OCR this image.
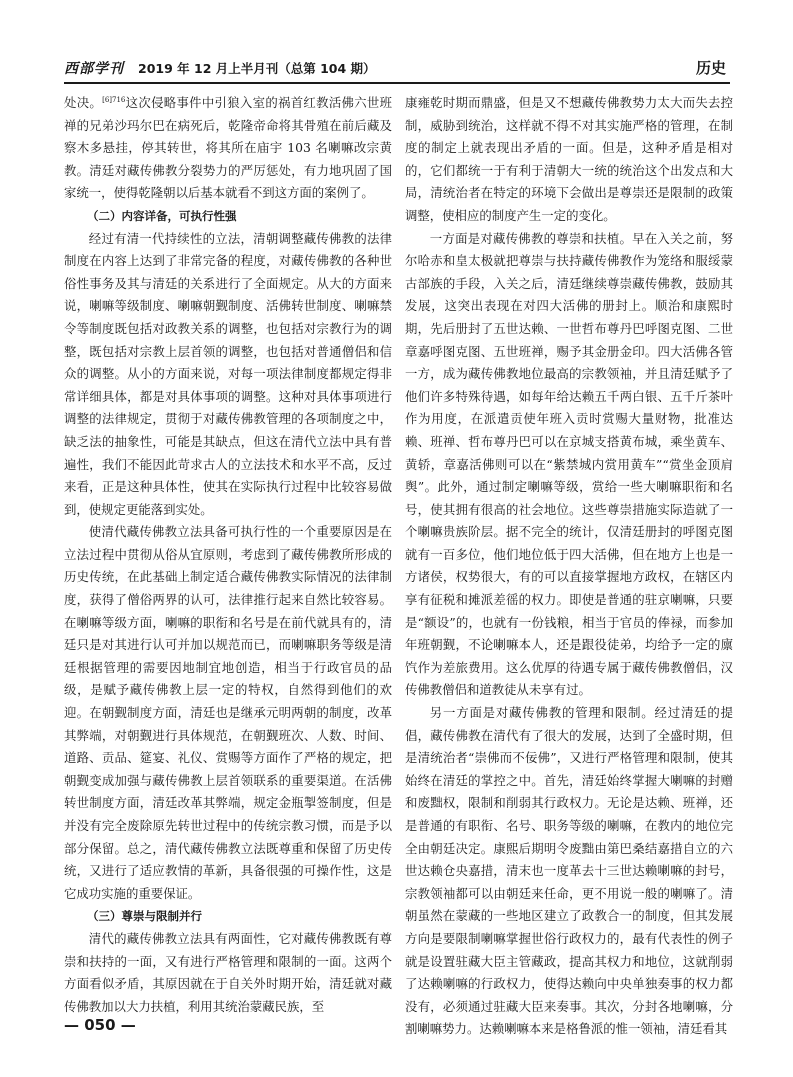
西部学刊 2019 年 12 月上半月刊（总第 104 期）	历史

处决。$^{[6]716}$这次侵略事件中引狼入室的祸首红教活佛六世班禅的兄弟沙玛尔巴在病死后，乾隆帝命将其骨殖在前后藏及察木多悬挂，停其转世，将其所在庙宇 103 名喇嘛改宗黄教。清廷对藏传佛教分裂势力的严厉惩处，有力地巩固了国家统一，使得乾隆朝以后基本就看不到这方面的案例了。

（二）内容详备，可执行性强

经过有清一代持续性的立法，清朝调整藏传佛教的法律制度在内容上达到了非常完备的程度，对藏传佛教的各种世俗性事务及其与清廷的关系进行了全面规定。从大的方面来说，喇嘛等级制度、喇嘛朝觐制度、活佛转世制度、喇嘛禁令等制度既包括对政教关系的调整，也包括对宗教行为的调整，既包括对宗教上层首领的调整，也包括对普通僧侣和信众的调整。从小的方面来说，对每一项法律制度都规定得非常详细具体，都是对具体事项的调整。这种对具体事项进行调整的法律规定，贯彻于对藏传佛教管理的各项制度之中，缺乏法的抽象性，可能是其缺点，但这在清代立法中具有普遍性，我们不能因此苛求古人的立法技术和水平不高，反过来看，正是这种具体性，使其在实际执行过程中比较容易做到，使规定更能落到实处。

使清代藏传佛教立法具备可执行性的一个重要原因是在立法过程中贯彻从俗从宜原则，考虑到了藏传佛教所形成的历史传统，在此基础上制定适合藏传佛教实际情况的法律制度，获得了僧俗两界的认可，法律推行起来自然比较容易。在喇嘛等级方面，喇嘛的职衔和名号是在前代就具有的，清廷只是对其进行认可并加以规范而已，而喇嘛职务等级是清廷根据管理的需要因地制宜地创造，相当于行政官员的品级，是赋予藏传佛教上层一定的特权，自然得到他们的欢迎。在朝觐制度方面，清廷也是继承元明两朝的制度，改革其弊端，对朝觐进行具体规范，在朝觐班次、人数、时间、道路、贡品、筵宴、礼仪、赏赐等方面作了严格的规定，把朝觐变成加强与藏传佛教上层首领联系的重要渠道。在活佛转世制度方面，清廷改革其弊端，规定金瓶掣签制度，但是并没有完全废除原先转世过程中的传统宗教习惯，而是予以部分保留。总之，清代藏传佛教立法既尊重和保留了历史传统，又进行了适应教情的革新，具备很强的可操作性，这是它成功实施的重要保证。

（三）尊崇与限制并行

清代的藏传佛教立法具有两面性，它对藏传佛教既有尊崇和扶持的一面，又有进行严格管理和限制的一面。这两个方面看似矛盾，其原因就在于自关外时期开始，清廷就对藏传佛教加以大力扶植，利用其统治蒙藏民族，至

康雍乾时期而鼎盛，但是又不想藏传佛教势力太大而失去控制，威胁到统治，这样就不得不对其实施严格的管理，在制度的制定上就表现出矛盾的一面。但是，这种矛盾是相对的，它们都统一于有利于清朝大一统的统治这个出发点和大局，清统治者在特定的环境下会做出是尊崇还是限制的政策调整，使相应的制度产生一定的变化。

一方面是对藏传佛教的尊崇和扶植。早在入关之前，努尔哈赤和皇太极就把尊崇与扶持藏传佛教作为笼络和服绥蒙古部族的手段，入关之后，清廷继续尊崇藏传佛教，鼓励其发展，这突出表现在对四大活佛的册封上。顺治和康熙时期，先后册封了五世达赖、一世哲布尊丹巴呼图克图、二世章嘉呼图克图、五世班禅，赐予其金册金印。四大活佛各管一方，成为藏传佛教地位最高的宗教领袖，并且清廷赋予了他们许多特殊待遇，如每年给达赖五千两白银、五千斤茶叶作为用度，在派遣贡使年班入贡时赏赐大量财物，批准达赖、班禅、哲布尊丹巴可以在京城支搭黄布城，乘坐黄车、黄轿，章嘉活佛则可以在“紫禁城内赏用黄车”“赏坐金顶肩舆”。此外，通过制定喇嘛等级，赏给一些大喇嘛职衔和名号，使其拥有很高的社会地位。这些尊崇措施实际造就了一个喇嘛贵族阶层。据不完全的统计，仅清廷册封的呼图克图就有一百多位，他们地位低于四大活佛，但在地方上也是一方诸侯，权势很大，有的可以直接掌握地方政权，在辖区内享有征税和摊派差徭的权力。即使是普通的驻京喇嘛，只要是“额设”的，也就有一份钱粮，相当于官员的俸禄，而参加年班朝觐，不论喇嘛本人，还是跟役徒弟，均给予一定的廪饩作为差旅费用。这么优厚的待遇专属于藏传佛教僧侣，汉传佛教僧侣和道教徒从未享有过。

另一方面是对藏传佛教的管理和限制。经过清廷的提倡，藏传佛教在清代有了很大的发展，达到了全盛时期，但是清统治者“崇佛而不佞佛”，又进行严格管理和限制，使其始终在清廷的掌控之中。首先，清廷始终掌握大喇嘛的封赠和废黜权，限制和削弱其行政权力。无论是达赖、班禅，还是普通的有职衔、名号、职务等级的喇嘛，在教内的地位完全由朝廷决定。康熙后期明令废黜由第巴桑结嘉措自立的六世达赖仓央嘉措，清末也一度革去十三世达赖喇嘛的封号，宗教领袖都可以由朝廷来任命，更不用说一般的喇嘛了。清朝虽然在蒙藏的一些地区建立了政教合一的制度，但其发展方向是要限制喇嘛掌握世俗行政权力的，最有代表性的例子就是设置驻藏大臣主管藏政，提高其权力和地位，这就削弱了达赖喇嘛的行政权力，使得达赖向中央单独奏事的权力都没有，必须通过驻藏大臣来奏事。其次，分封各地喇嘛，分割喇嘛势力。达赖喇嘛本来是格鲁派的惟一领袖，清廷看其

— 050 —
